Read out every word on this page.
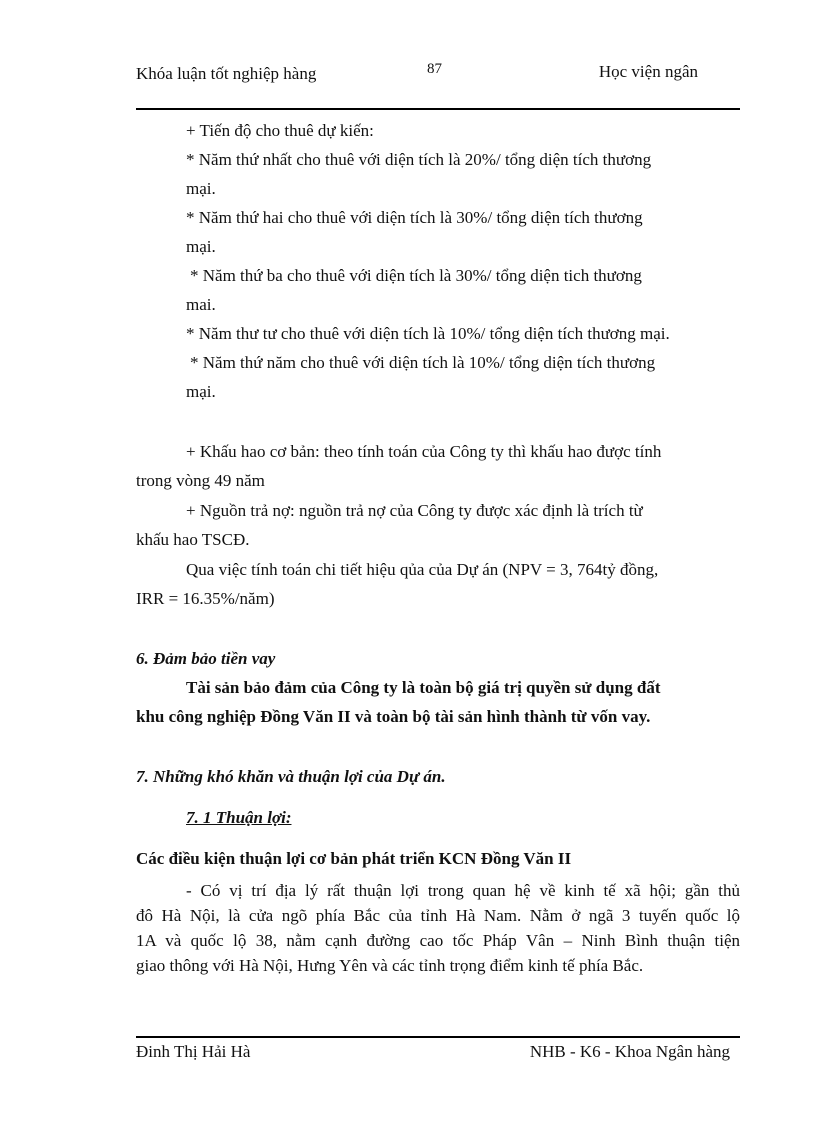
Khóa luận tốt nghiệp hàng	87	Học viện ngân
+ Tiến độ cho thuê dự kiến:
* Năm thứ nhất cho thuê với diện tích là 20%/ tổng diện tích thương
mại.
* Năm thứ hai cho thuê với diện tích là 30%/ tổng diện tích thương
mại.
* Năm thứ ba cho thuê với diện tích là 30%/ tổng diện tich thương
mai.
* Năm thư tư cho thuê với diện tích là 10%/ tổng diện tích thương mại.
* Năm thứ năm cho thuê với diện tích là 10%/ tổng diện tích thương
mại.
+ Khấu hao cơ bản: theo tính toán của Công ty thì khấu hao được tính
trong vòng 49 năm
+ Nguồn trả nợ: nguồn trả nợ của Công ty được xác định là trích từ
khấu hao TSCĐ.
Qua việc tính toán chi tiết hiệu qủa của Dự án (NPV = 3, 764tỷ đồng,
IRR = 16.35%/năm)
6. Đảm bảo tiền vay
Tài sản bảo đảm của Công ty là toàn bộ giá trị quyền sử dụng đất
khu công nghiệp Đồng Văn II và toàn bộ tài sản hình thành từ vốn vay.
7. Những khó khăn và thuận lợi của Dự án.
7. 1 Thuận lợi:
Các điều kiện thuận lợi cơ bản phát triển KCN Đồng Văn II
- Có vị trí địa lý rất thuận lợi trong quan hệ về kinh tế xã hội; gần thủ
đô Hà Nội, là cửa ngõ phía Bắc của tỉnh Hà Nam. Nằm ở ngã 3 tuyến quốc lộ
1A và quốc lộ 38, nằm cạnh đường cao tốc Pháp Vân – Ninh Bình thuận tiện
giao thông với Hà Nội, Hưng Yên và các tỉnh trọng điểm kinh tế phía Bắc.
Đinh Thị Hải Hà	NHB - K6 - Khoa Ngân hàng
